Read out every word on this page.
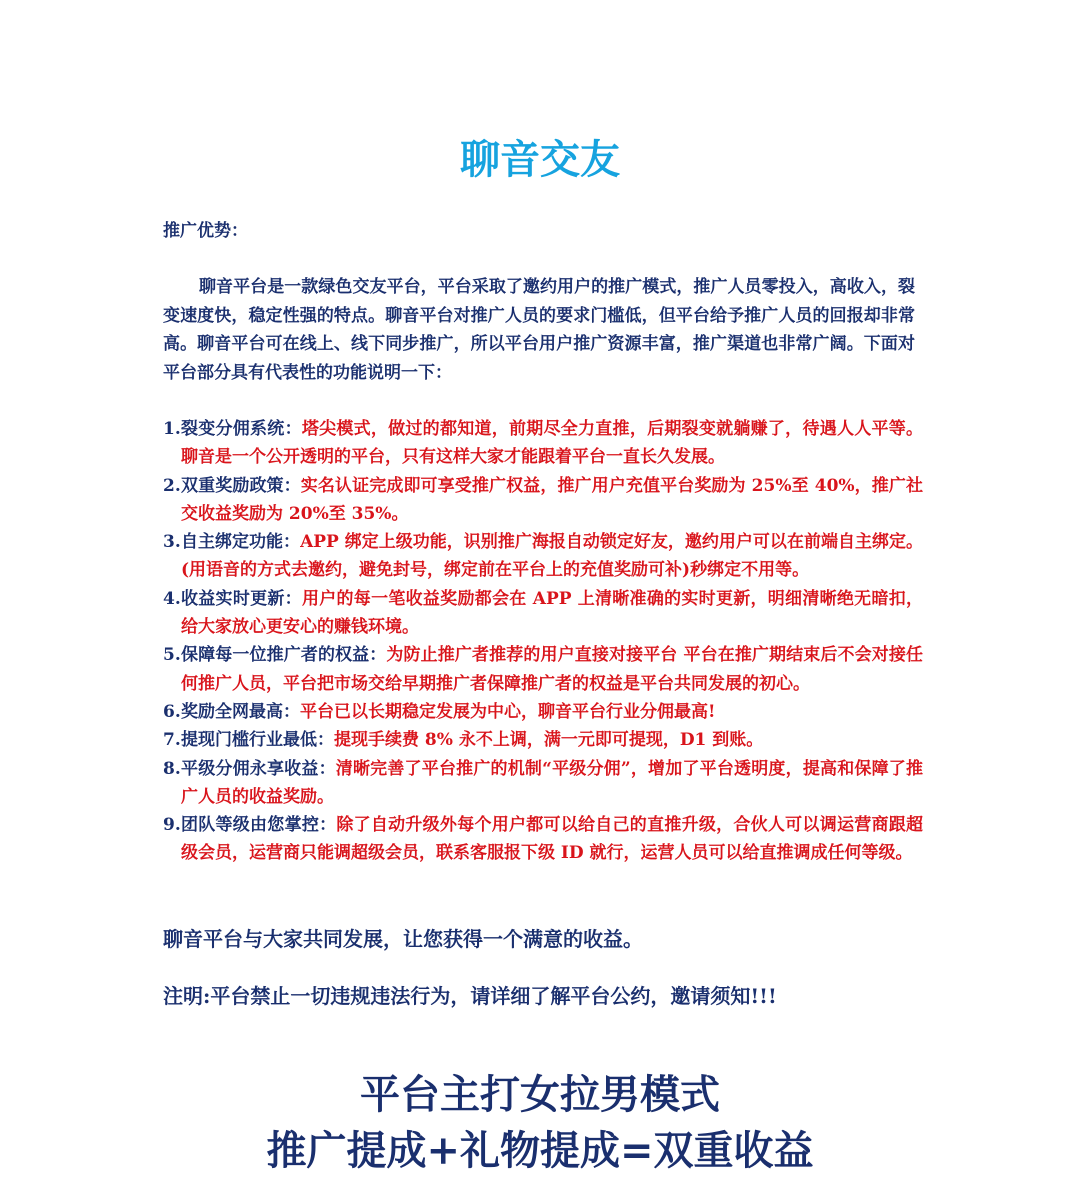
聊音交友
推广优势：

聊音平台是一款绿色交友平台，平台采取了邀约用户的推广模式，推广人员零投入，高收入，裂变速度快，稳定性强的特点。聊音平台对推广人员的要求门槛低，但平台给予推广人员的回报却非常高。聊音平台可在线上、线下同步推广，所以平台用户推广资源丰富，推广渠道也非常广阔。下面对平台部分具有代表性的功能说明一下：

1. 裂变分佣系统：塔尖模式，做过的都知道，前期尽全力直推，后期裂变就躺赚了，待遇人人平等。聊音是一个公开透明的平台，只有这样大家才能跟着平台一直长久发展。
2. 双重奖励政策：实名认证完成即可享受推广权益，推广用户充值平台奖励为 25%至 40%，推广社交收益奖励为 20%至 35%。
3. 自主绑定功能：APP 绑定上级功能，识别推广海报自动锁定好友，邀约用户可以在前端自主绑定。(用语音的方式去邀约，避免封号，绑定前在平台上的充值奖励可补)秒绑定不用等。
4. 收益实时更新：用户的每一笔收益奖励都会在 APP 上清晰准确的实时更新，明细清晰绝无暗扣，给大家放心更安心的赚钱环境。
5. 保障每一位推广者的权益：为防止推广者推荐的用户直接对接平台 平台在推广期结束后不会对接任何推广人员，平台把市场交给早期推广者保障推广者的权益是平台共同发展的初心。
6. 奖励全网最高：平台已以长期稳定发展为中心，聊音平台行业分佣最高!
7. 提现门槛行业最低：提现手续费 8% 永不上调，满一元即可提现，D1 到账。
8. 平级分佣永享收益：清晰完善了平台推广的机制“平级分佣”，增加了平台透明度，提高和保障了推广人员的收益奖励。
9. 团队等级由您掌控：除了自动升级外每个用户都可以给自己的直推升级，合伙人可以调运营商跟超级会员，运营商只能调超级会员，联系客服报下级 ID 就行，运营人员可以给直推调成任何等级。
聊音平台与大家共同发展，让您获得一个满意的收益。
注明:平台禁止一切违规违法行为，请详细了解平台公约，邀请须知!!!
平台主打女拉男模式
推广提成+礼物提成=双重收益
